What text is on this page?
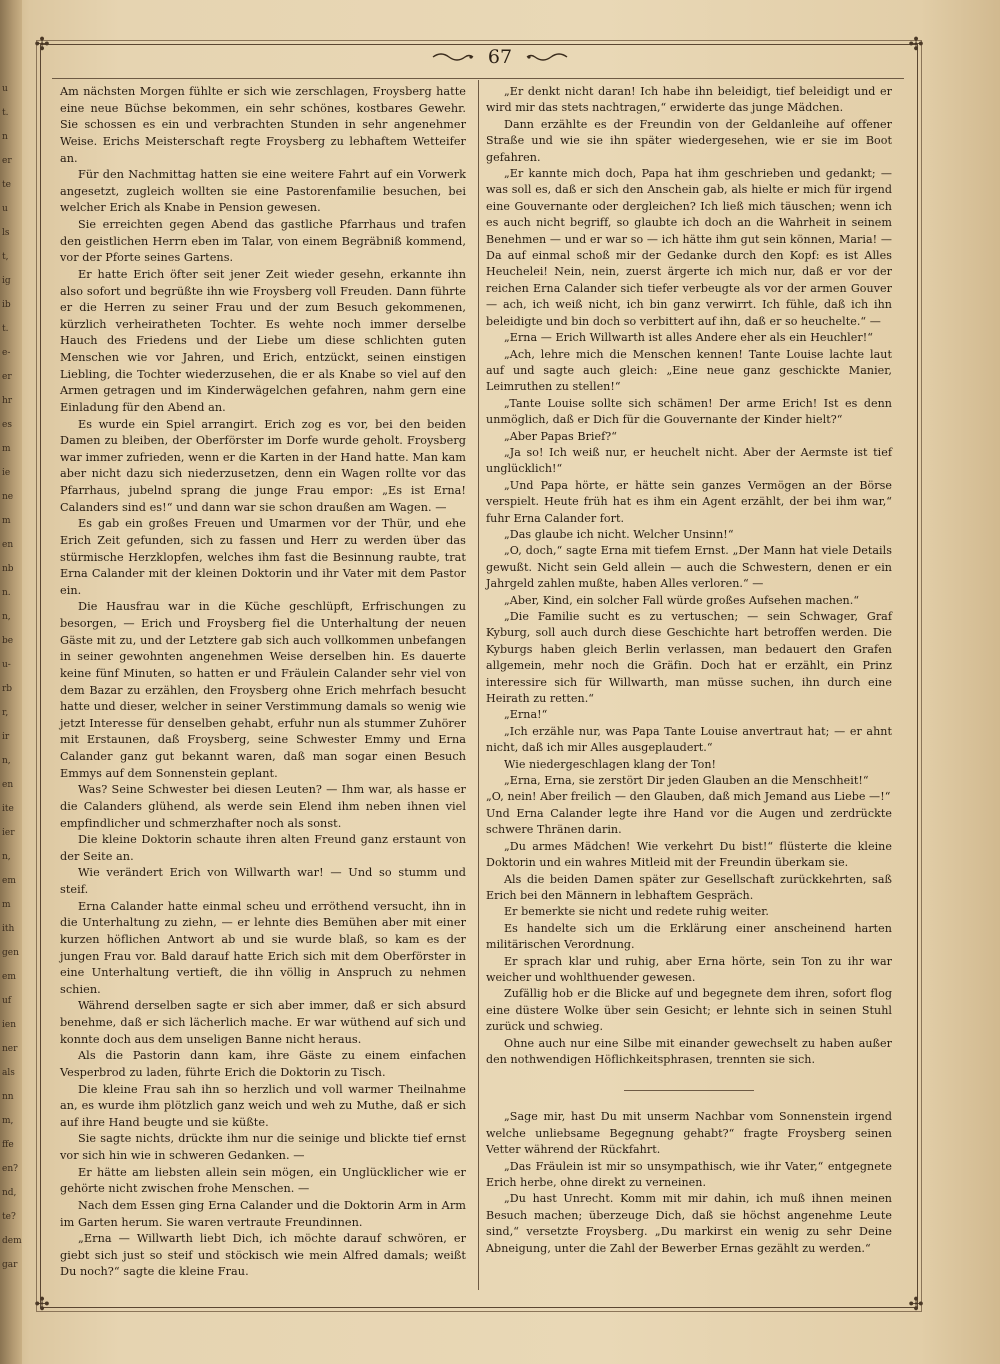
u
t.
n
er
te
u
ls
t,
ig
ib
t.
e-
er
hr
es
m
ie
ne
m
en
nb
n.
n,
be
u-
rb
r,
ir
n,
en
ite
ier
n,
em
m
ith
gen
em
uf
ien
ner
als
nn
m,
ffe
en?
nd,
te?
dem
gar
✣	✣
✣	✣
67

Am nächsten Morgen fühlte er sich wie zerschlagen, Froysberg hatte eine neue Büchse bekommen, ein sehr schönes, kostbares Gewehr. Sie schossen es ein und verbrachten Stunden in sehr angenehmer Weise. Erichs Meisterschaft regte Froysberg zu lebhaftem Wetteifer an.

Für den Nachmittag hatten sie eine weitere Fahrt auf ein Vorwerk angesetzt, zugleich wollten sie eine Pastorenfamilie besuchen, bei welcher Erich als Knabe in Pension gewesen.

Sie erreichten gegen Abend das gastliche Pfarrhaus und trafen den geistlichen Herrn eben im Talar, von einem Begräbniß kommend, vor der Pforte seines Gartens.

Er hatte Erich öfter seit jener Zeit wieder gesehn, erkannte ihn also sofort und begrüßte ihn wie Froysberg voll Freuden. Dann führte er die Herren zu seiner Frau und der zum Besuch gekommenen, kürzlich verheiratheten Tochter. Es wehte noch immer derselbe Hauch des Friedens und der Liebe um diese schlichten guten Menschen wie vor Jahren, und Erich, entzückt, seinen einstigen Liebling, die Tochter wiederzusehen, die er als Knabe so viel auf den Armen getragen und im Kinderwägelchen gefahren, nahm gern eine Einladung für den Abend an.

Es wurde ein Spiel arrangirt. Erich zog es vor, bei den beiden Damen zu bleiben, der Oberförster im Dorfe wurde geholt. Froysberg war immer zufrieden, wenn er die Karten in der Hand hatte. Man kam aber nicht dazu sich niederzusetzen, denn ein Wagen rollte vor das Pfarrhaus, jubelnd sprang die junge Frau empor: „Es ist Erna! Calanders sind es!“ und dann war sie schon draußen am Wagen. —

Es gab ein großes Freuen und Umarmen vor der Thür, und ehe Erich Zeit gefunden, sich zu fassen und Herr zu werden über das stürmische Herzklopfen, welches ihm fast die Besinnung raubte, trat Erna Calander mit der kleinen Doktorin und ihr Vater mit dem Pastor ein.

Die Hausfrau war in die Küche geschlüpft, Erfrischungen zu besorgen, — Erich und Froysberg fiel die Unterhaltung der neuen Gäste mit zu, und der Letztere gab sich auch vollkommen unbefangen in seiner gewohnten angenehmen Weise derselben hin. Es dauerte keine fünf Minuten, so hatten er und Fräulein Calander sehr viel von dem Bazar zu erzählen, den Froysberg ohne Erich mehrfach besucht hatte und dieser, welcher in seiner Verstimmung damals so wenig wie jetzt Interesse für denselben gehabt, erfuhr nun als stummer Zuhörer mit Erstaunen, daß Froysberg, seine Schwester Emmy und Erna Calander ganz gut bekannt waren, daß man sogar einen Besuch Emmys auf dem Sonnenstein geplant.

Was? Seine Schwester bei diesen Leuten? — Ihm war, als hasse er die Calanders glühend, als werde sein Elend ihm neben ihnen viel empfindlicher und schmerzhafter noch als sonst.

Die kleine Doktorin schaute ihren alten Freund ganz erstaunt von der Seite an.

Wie verändert Erich von Willwarth war! — Und so stumm und steif.

Erna Calander hatte einmal scheu und erröthend versucht, ihn in die Unterhaltung zu ziehn, — er lehnte dies Bemühen aber mit einer kurzen höflichen Antwort ab und sie wurde blaß, so kam es der jungen Frau vor. Bald darauf hatte Erich sich mit dem Oberförster in eine Unterhaltung vertieft, die ihn völlig in Anspruch zu nehmen schien.

Während derselben sagte er sich aber immer, daß er sich absurd benehme, daß er sich lächerlich mache. Er war wüthend auf sich und konnte doch aus dem unseligen Banne nicht heraus.

Als die Pastorin dann kam, ihre Gäste zu einem einfachen Vesperbrod zu laden, führte Erich die Doktorin zu Tisch.

Die kleine Frau sah ihn so herzlich und voll warmer Theilnahme an, es wurde ihm plötzlich ganz weich und weh zu Muthe, daß er sich auf ihre Hand beugte und sie küßte.

Sie sagte nichts, drückte ihm nur die seinige und blickte tief ernst vor sich hin wie in schweren Gedanken. —

Er hätte am liebsten allein sein mögen, ein Unglücklicher wie er gehörte nicht zwischen frohe Menschen. —

Nach dem Essen ging Erna Calander und die Doktorin Arm in Arm im Garten herum. Sie waren vertraute Freundinnen.

„Erna — Willwarth liebt Dich, ich möchte darauf schwören, er giebt sich just so steif und stöckisch wie mein Alfred damals; weißt Du noch?“ sagte die kleine Frau.

„Er denkt nicht daran! Ich habe ihn beleidigt, tief beleidigt und er wird mir das stets nachtragen,“ erwiderte das junge Mädchen.

Dann erzählte es der Freundin von der Geldanleihe auf offener Straße und wie sie ihn später wiedergesehen, wie er sie im Boot gefahren.

„Er kannte mich doch, Papa hat ihm geschrieben und gedankt; — was soll es, daß er sich den Anschein gab, als hielte er mich für irgend eine Gouvernante oder dergleichen? Ich ließ mich täuschen; wenn ich es auch nicht begriff, so glaubte ich doch an die Wahrheit in seinem Benehmen — und er war so — ich hätte ihm gut sein können, Maria! — Da auf einmal schoß mir der Gedanke durch den Kopf: es ist Alles Heuchelei! Nein, nein, zuerst ärgerte ich mich nur, daß er vor der reichen Erna Calander sich tiefer verbeugte als vor der armen Gouver — ach, ich weiß nicht, ich bin ganz verwirrt. Ich fühle, daß ich ihn beleidigte und bin doch so verbittert auf ihn, daß er so heuchelte.“ —

„Erna — Erich Willwarth ist alles Andere eher als ein Heuchler!“

„Ach, lehre mich die Menschen kennen! Tante Louise lachte laut auf und sagte auch gleich: „Eine neue ganz geschickte Manier, Leimruthen zu stellen!“

„Tante Louise sollte sich schämen! Der arme Erich! Ist es denn unmöglich, daß er Dich für die Gouvernante der Kinder hielt?“

„Aber Papas Brief?“

„Ja so! Ich weiß nur, er heuchelt nicht. Aber der Aermste ist tief unglücklich!“

„Und Papa hörte, er hätte sein ganzes Vermögen an der Börse verspielt. Heute früh hat es ihm ein Agent erzählt, der bei ihm war,“ fuhr Erna Calander fort.

„Das glaube ich nicht. Welcher Unsinn!“

„O, doch,“ sagte Erna mit tiefem Ernst. „Der Mann hat viele Details gewußt. Nicht sein Geld allein — auch die Schwestern, denen er ein Jahrgeld zahlen mußte, haben Alles verloren.“ —

„Aber, Kind, ein solcher Fall würde großes Aufsehen machen.“

„Die Familie sucht es zu vertuschen; — sein Schwager, Graf Kyburg, soll auch durch diese Geschichte hart betroffen werden. Die Kyburgs haben gleich Berlin verlassen, man bedauert den Grafen allgemein, mehr noch die Gräfin. Doch hat er erzählt, ein Prinz interessire sich für Willwarth, man müsse suchen, ihn durch eine Heirath zu retten.“

„Erna!“

„Ich erzähle nur, was Papa Tante Louise anvertraut hat; — er ahnt nicht, daß ich mir Alles ausgeplaudert.“

Wie niedergeschlagen klang der Ton!

„Erna, Erna, sie zerstört Dir jeden Glauben an die Menschheit!“

„O, nein! Aber freilich — den Glauben, daß mich Jemand aus Liebe —!“

Und Erna Calander legte ihre Hand vor die Augen und zerdrückte schwere Thränen darin.

„Du armes Mädchen! Wie verkehrt Du bist!“ flüsterte die kleine Doktorin und ein wahres Mitleid mit der Freundin überkam sie.

Als die beiden Damen später zur Gesellschaft zurückkehrten, saß Erich bei den Männern in lebhaftem Gespräch.

Er bemerkte sie nicht und redete ruhig weiter.

Es handelte sich um die Erklärung einer anscheinend harten militärischen Verordnung.

Er sprach klar und ruhig, aber Erna hörte, sein Ton zu ihr war weicher und wohlthuender gewesen.

Zufällig hob er die Blicke auf und begegnete dem ihren, sofort flog eine düstere Wolke über sein Gesicht; er lehnte sich in seinen Stuhl zurück und schwieg.

Ohne auch nur eine Silbe mit einander gewechselt zu haben außer den nothwendigen Höflichkeitsphrasen, trennten sie sich.

„Sage mir, hast Du mit unserm Nachbar vom Sonnenstein irgend welche unliebsame Begegnung gehabt?“ fragte Froysberg seinen Vetter während der Rückfahrt.

„Das Fräulein ist mir so unsympathisch, wie ihr Vater,“ entgegnete Erich herbe, ohne direkt zu verneinen.

„Du hast Unrecht. Komm mit mir dahin, ich muß ihnen meinen Besuch machen; überzeuge Dich, daß sie höchst angenehme Leute sind,“ versetzte Froysberg. „Du markirst ein wenig zu sehr Deine Abneigung, unter die Zahl der Bewerber Ernas gezählt zu werden.“
